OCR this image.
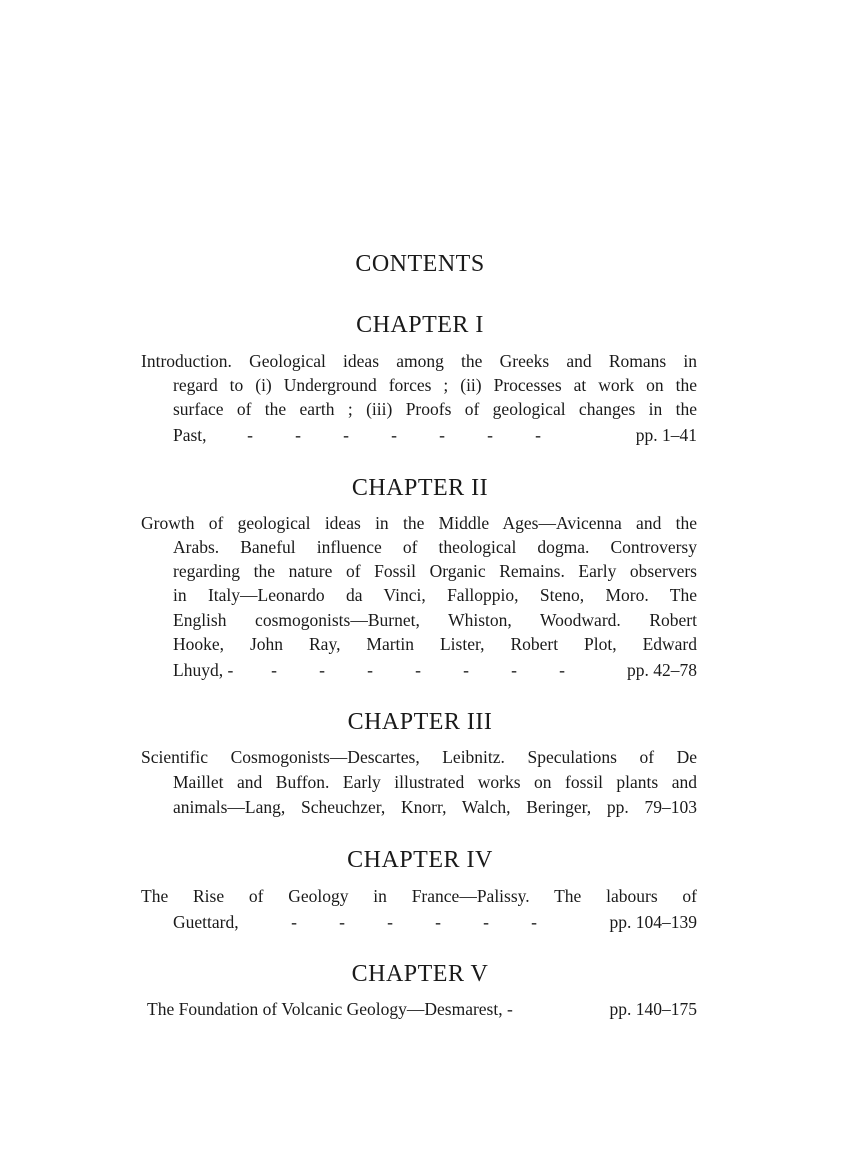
CONTENTS
CHAPTER I
Introduction. Geological ideas among the Greeks and Romans in
regard to (i) Underground forces ; (ii) Processes at work on the
surface of the earth ; (iii) Proofs of geological changes in the
Past,	- - - - - - -	pp. 1–41
CHAPTER II
Growth of geological ideas in the Middle Ages—Avicenna and the
Arabs. Baneful influence of theological dogma. Controversy
regarding the nature of Fossil Organic Remains. Early observers
in Italy—Leonardo da Vinci, Falloppio, Steno, Moro. The
English cosmogonists—Burnet, Whiston, Woodward. Robert
Hooke, John Ray, Martin Lister, Robert Plot, Edward
Lhuyd, -	- - - - - - -	pp. 42–78
CHAPTER III
Scientific Cosmogonists—Descartes, Leibnitz. Speculations of De
Maillet and Buffon. Early illustrated works on fossil plants and
animals—Lang, Scheuchzer, Knorr, Walch, Beringer, pp. 79–103
CHAPTER IV
The Rise of Geology in France—Palissy. The labours of
Guettard,	- - - - - -	pp. 104–139
CHAPTER V
The Foundation of Volcanic Geology—Desmarest, -	pp. 140–175
